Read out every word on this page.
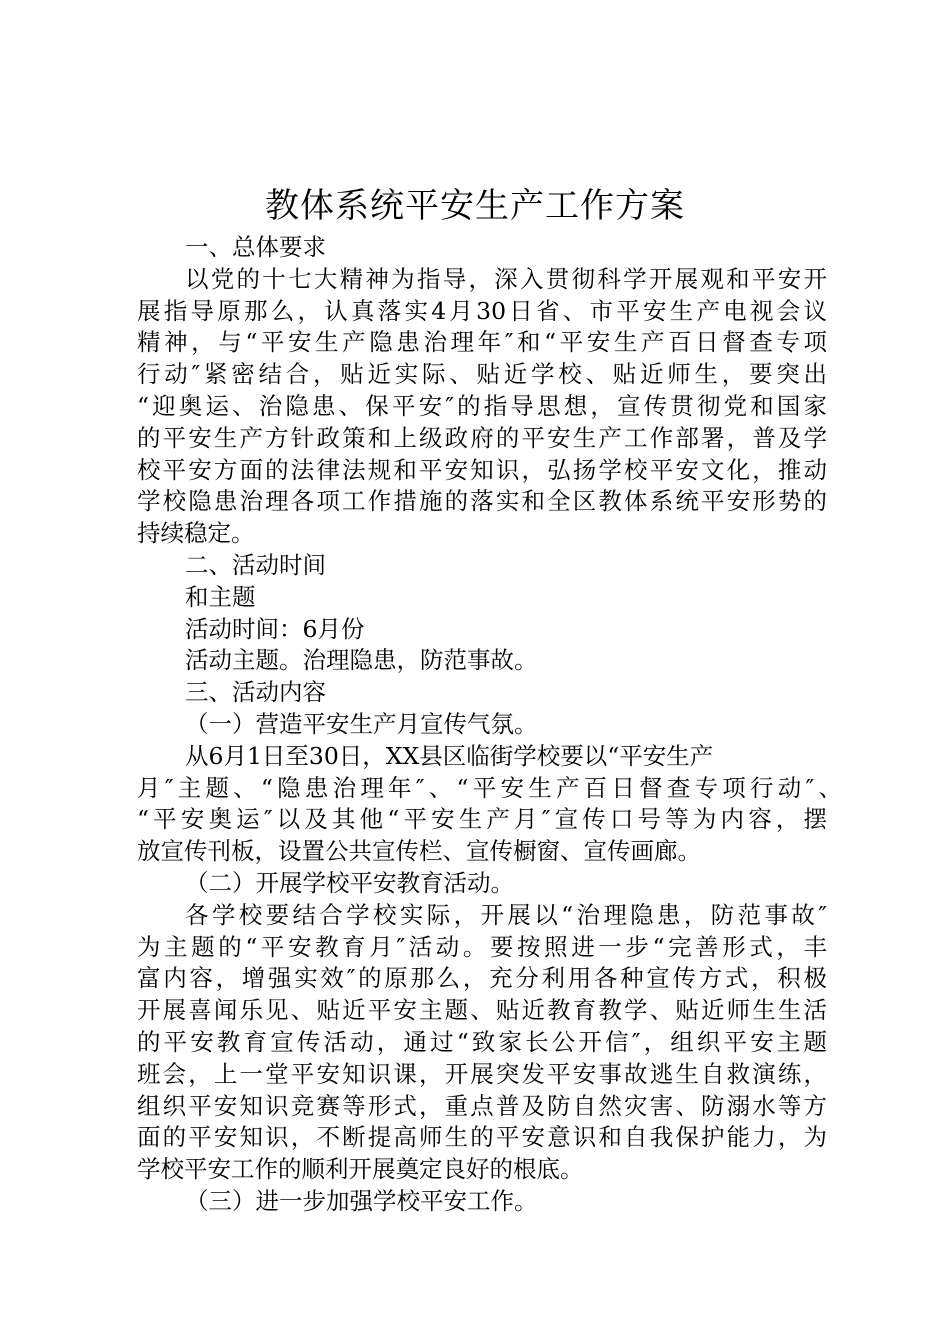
教体系统平安生产工作方案
一、总体要求
以党的十七大精神为指导，深入贯彻科学开展观和平安开
展指导原那么，认真落实4月30日省、市平安生产电视会议
精神，与“平安生产隐患治理年″和“平安生产百日督查专项
行动″紧密结合，贴近实际、贴近学校、贴近师生，要突出
“迎奥运、治隐患、保平安″的指导思想，宣传贯彻党和国家
的平安生产方针政策和上级政府的平安生产工作部署，普及学
校平安方面的法律法规和平安知识，弘扬学校平安文化，推动
学校隐患治理各项工作措施的落实和全区教体系统平安形势的
持续稳定。
二、活动时间
和主题
活动时间：6月份
活动主题。治理隐患，防范事故。
三、活动内容
（一）营造平安生产月宣传气氛。
从6月1日至30日，XX县区临街学校要以“平安生产
月″主题、“隐患治理年″、“平安生产百日督查专项行动″、
“平安奥运″以及其他“平安生产月″宣传口号等为内容，摆
放宣传刊板，设置公共宣传栏、宣传橱窗、宣传画廊。
（二）开展学校平安教育活动。
各学校要结合学校实际，开展以“治理隐患，防范事故″
为主题的“平安教育月″活动。要按照进一步“完善形式，丰
富内容，增强实效″的原那么，充分利用各种宣传方式，积极
开展喜闻乐见、贴近平安主题、贴近教育教学、贴近师生生活
的平安教育宣传活动，通过“致家长公开信″，组织平安主题
班会，上一堂平安知识课，开展突发平安事故逃生自救演练，
组织平安知识竞赛等形式，重点普及防自然灾害、防溺水等方
面的平安知识，不断提高师生的平安意识和自我保护能力，为
学校平安工作的顺利开展奠定良好的根底。
（三）进一步加强学校平安工作。
